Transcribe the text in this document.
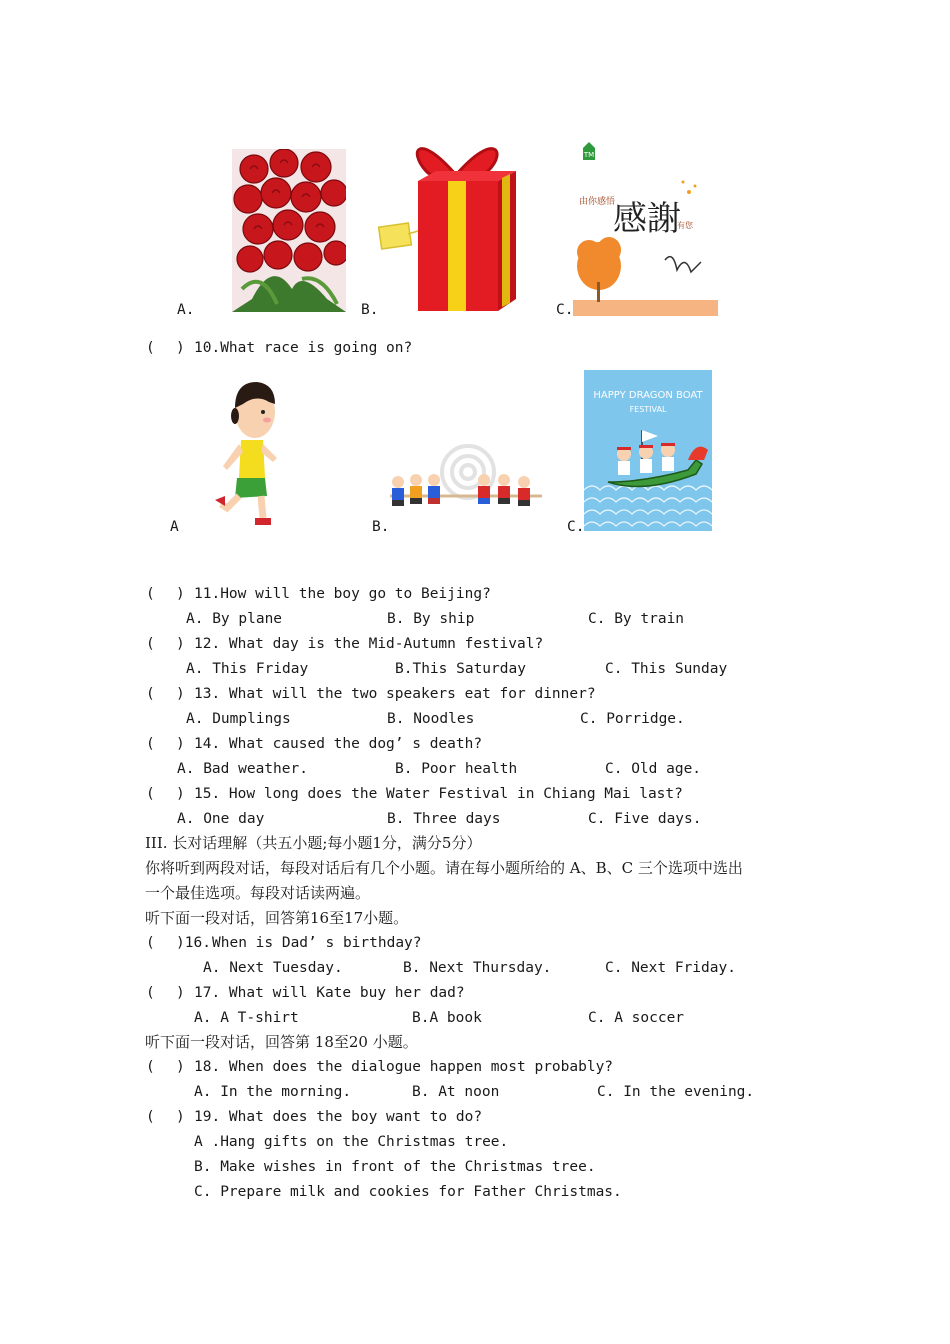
A.	B.	C.
TM
感謝
由你感悟
有您
( ) 10.What race is going on?
A	B.	C.
HAPPY DRAGON BOAT
FESTIVAL
( ) 11.How will the boy go to Beijing?
A. By plane	B. By ship	C. By train
( ) 12. What day is the Mid-Autumn festival?
A. This Friday	B.This Saturday	C. This Sunday
( ) 13. What will the two speakers eat for dinner?
A. Dumplings	B. Noodles	C. Porridge.
( ) 14. What caused the dog’ s death?
A. Bad weather.	B. Poor health	C. Old age.
( ) 15. How long does the Water Festival in Chiang Mai last?
A. One day	B. Three days	C. Five days.
III. 长对话理解（共五小题;每小题1分，满分5分）
你将听到两段对话，每段对话后有几个小题。请在每小题所给的 A、B、C 三个选项中选出
一个最佳选项。每段对话读两遍。
听下面一段对话，回答第16至17小题。
( )16. When is Dad’ s birthday?
A. Next Tuesday.	B. Next Thursday.	C. Next Friday.
( ) 17. What will Kate buy her dad?
A. A T-shirt	B.A book	C. A soccer
听下面一段对话，回答第 18至20 小题。
( ) 18. When does the dialogue happen most probably?
A. In the morning.	B. At noon	C. In the evening.
( ) 19. What does the boy want to do?
A .Hang gifts on the Christmas tree.
B. Make wishes in front of the Christmas tree.
C. Prepare milk and cookies for Father Christmas.
